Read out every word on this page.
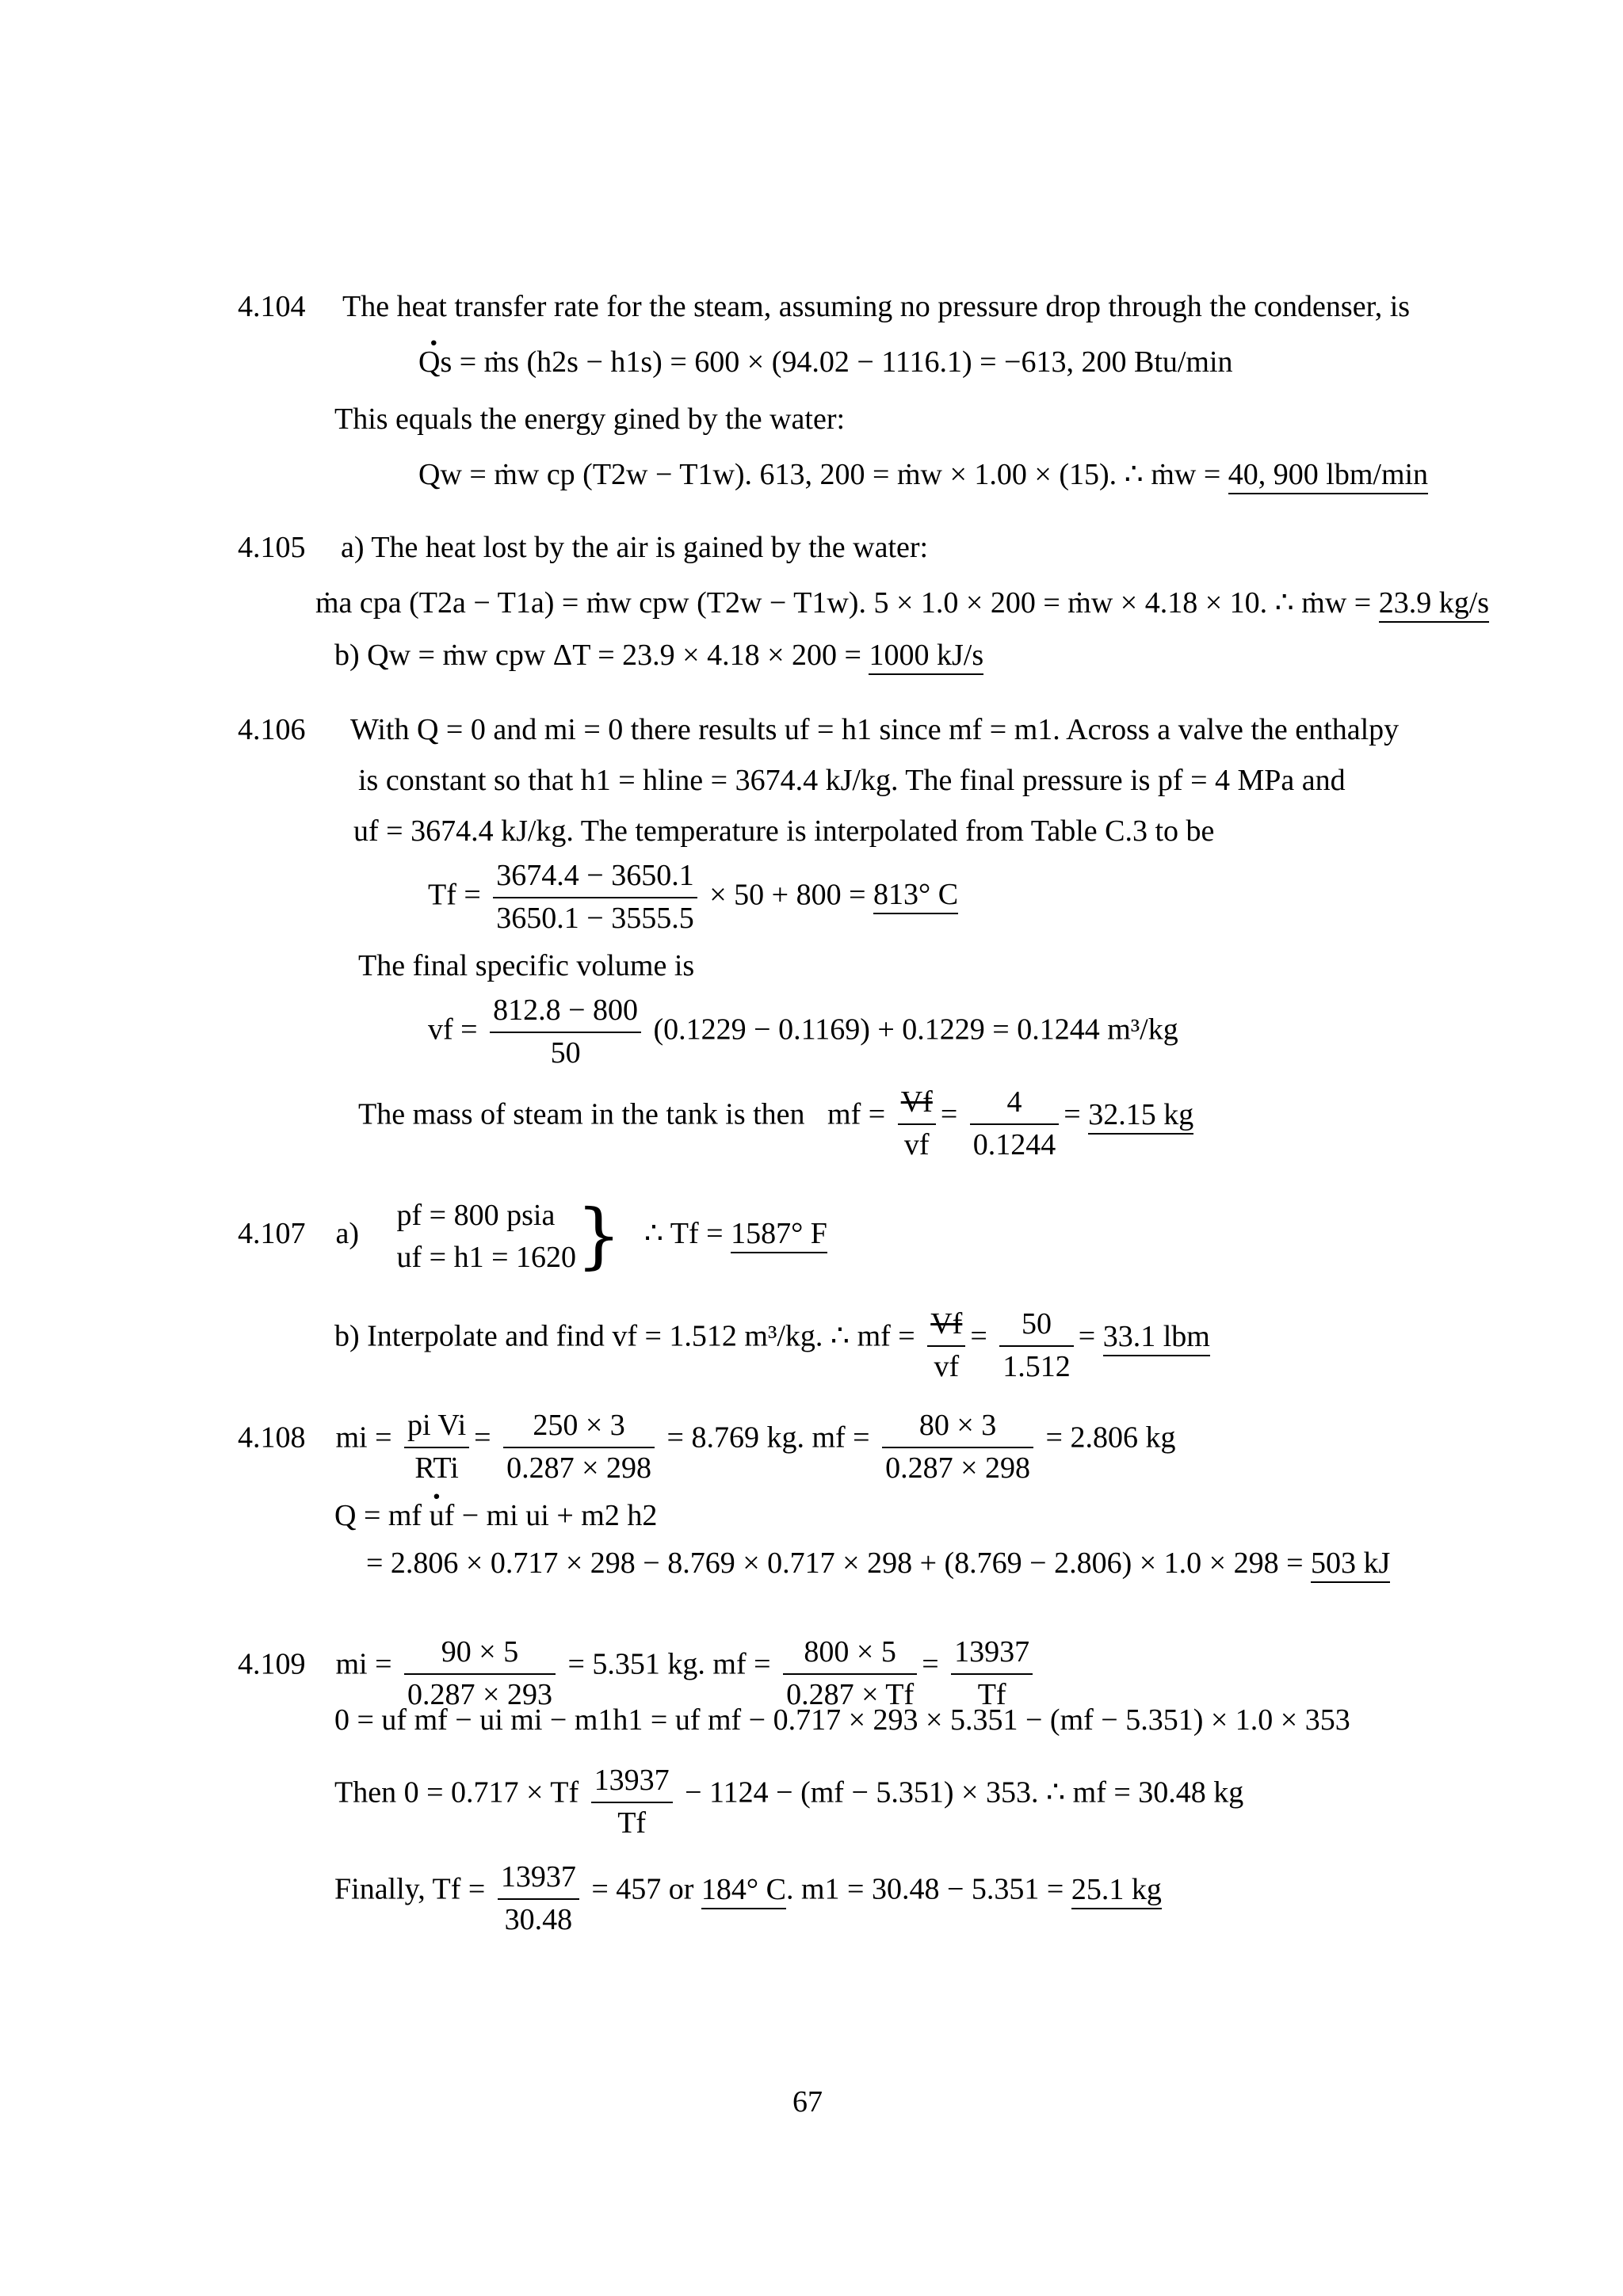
4.104 The heat transfer rate for the steam, assuming no pressure drop through the condenser, is
· Qs = ṁs (h2s − h1s) = 600 × (94.02 − 1116.1) = −613, 200 Btu/min
This equals the energy gined by the water:
Qw = ṁw cp (T2w − T1w). 613, 200 = ṁw × 1.00 × (15). ∴ ṁw = 40, 900 lbm/min
4.105 a) The heat lost by the air is gained by the water:
ṁa cpa (T2a − T1a) = ṁw cpw (T2w − T1w). 5 × 1.0 × 200 = ṁw × 4.18 × 10. ∴ ṁw = 23.9 kg/s
b) Qw = ṁw cpw ΔT = 23.9 × 4.18 × 200 = 1000 kJ/s
4.106 With Q = 0 and mi = 0 there results uf = h1 since mf = m1. Across a valve the enthalpy
is constant so that h1 = hline = 3674.4 kJ/kg. The final pressure is pf = 4 MPa and
uf = 3674.4 kJ/kg. The temperature is interpolated from Table C.3 to be
$Tf = \frac{3674.4 - 3650.1}{3650.1 - 3555.5} \times 50 + 800 = 813^\circ$ C
The final specific volume is
vf = $\frac{812.8 - 800}{50} (0.1229 - 0.1169) + 0.1229 = 0.1244$ m³/kg
The mass of steam in the tank is then mf = $\frac{Vf}{vf} = \frac{4}{0.1244} = 32.15$ kg
4.107 a)
pf = 800 psia
uf = h1 = 1620 } ∴ Tf = 1587° F
b) Interpolate and find vf = 1.512 m³/kg. ∴ mf = $\frac{Vf}{vf} = \frac{50}{1.512} = 33.1$ lbm
4.108 mi = $\frac{\text{pi Vi}}{\text{RTi}} = \frac{250 \times 3}{0.287 \times 298} = 8.769$ kg. mf = $\frac{80 \times 3}{0.287 \times 298} = 2.806$ kg
· Q = mf uf − mi ui + m2 h2
= 2.806 × 0.717 × 298 − 8.769 × 0.717 × 298 + (8.769 − 2.806) × 1.0 × 298 = 503 kJ
4.109 mi = $\frac{90 \times 5}{0.287 \times 293} = 5.351$ kg. mf = $\frac{800 \times 5}{0.287 \times Tf} = \frac{13937}{Tf}$
0 = uf mf − ui mi − m1h1 = uf mf − 0.717 × 293 × 5.351 − (mf − 5.351) × 1.0 × 353
Then 0 = 0.717 × Tf $\frac{13937}{Tf} - 1124 - (mf - 5.351) \times 353$. ∴ mf = 30.48 kg
Finally, $Tf = \frac{13937}{30.48} = 457$ or 184° C. m1 = 30.48 − 5.351 = 25.1 kg
67
